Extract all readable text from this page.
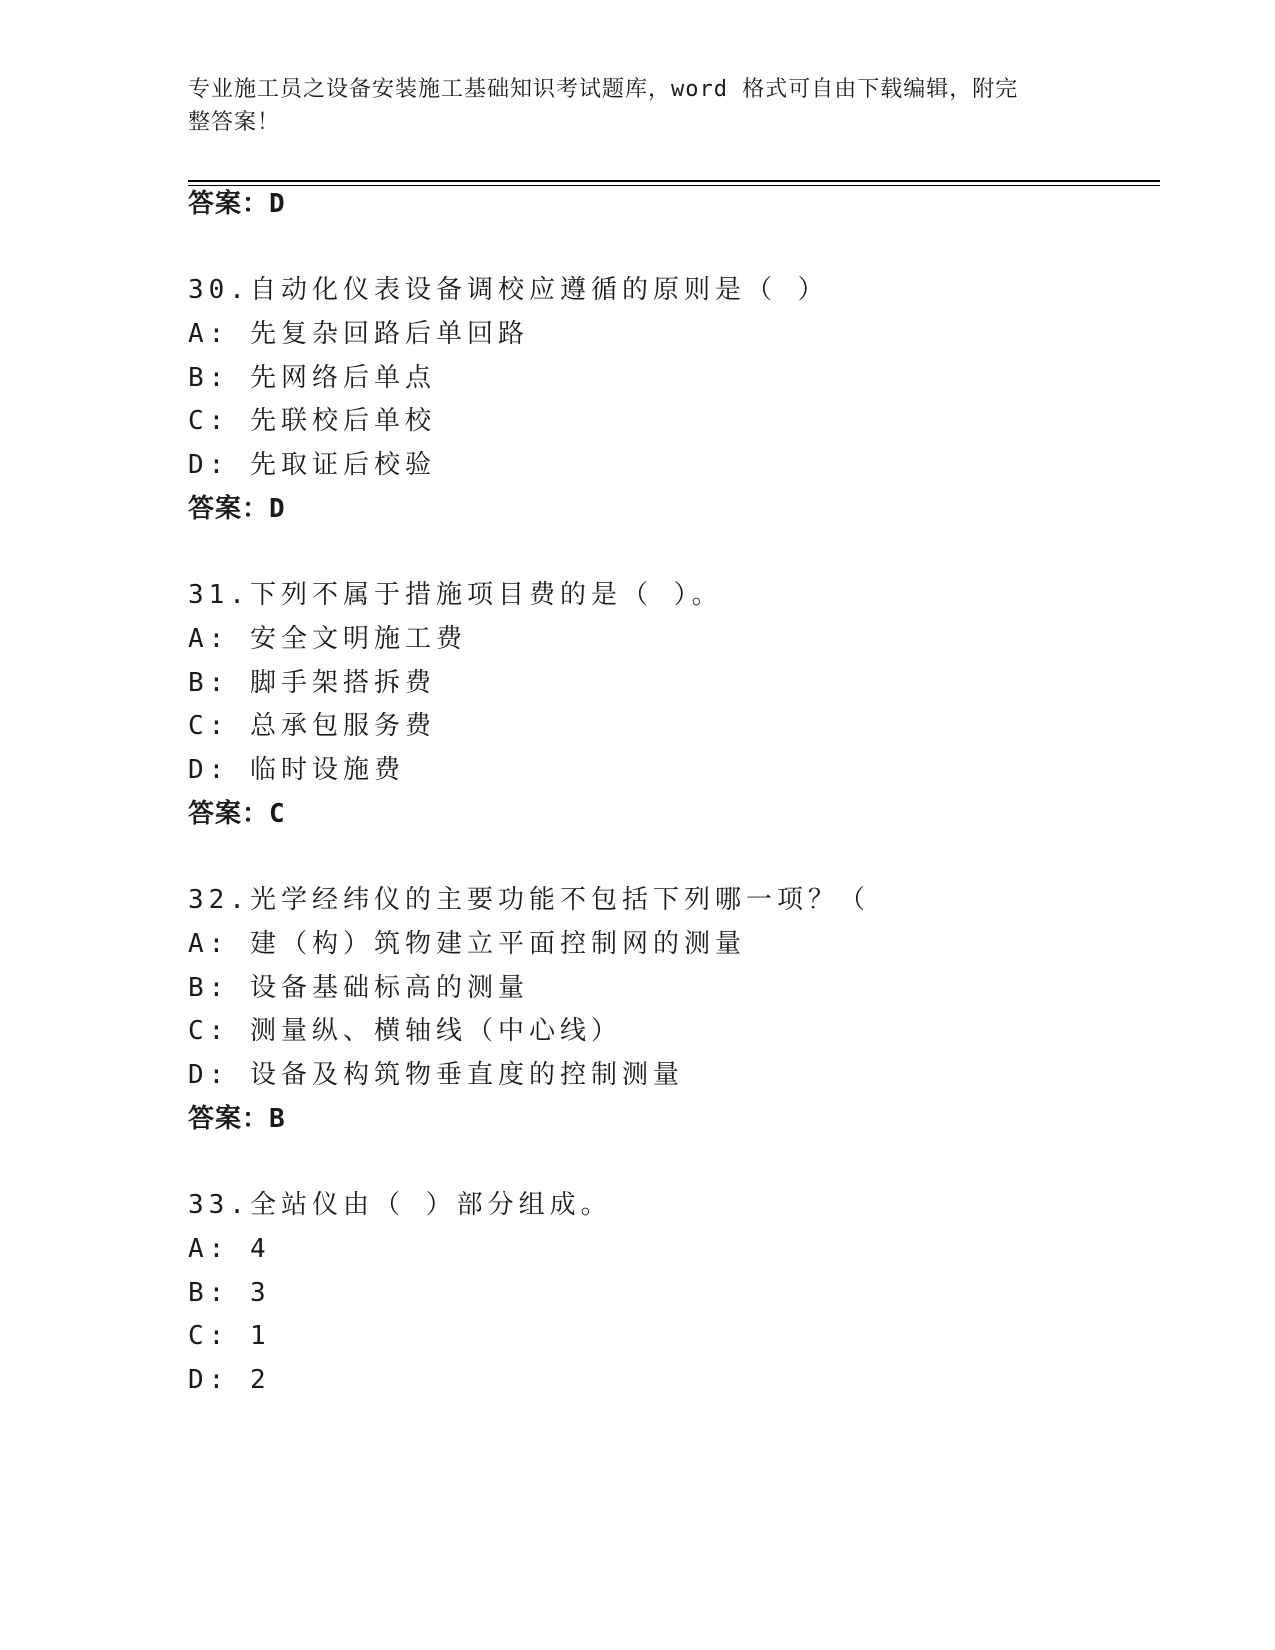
专业施工员之设备安装施工基础知识考试题库，word 格式可自由下载编辑，附完
整答案！
答案：D
30.自动化仪表设备调校应遵循的原则是（ ）
A: 先复杂回路后单回路
B: 先网络后单点
C: 先联校后单校
D: 先取证后校验
答案：D
31.下列不属于措施项目费的是（ ）。
A: 安全文明施工费
B: 脚手架搭拆费
C: 总承包服务费
D: 临时设施费
答案：C
32.光学经纬仪的主要功能不包括下列哪一项？（
A: 建（构）筑物建立平面控制网的测量
B: 设备基础标高的测量
C: 测量纵、横轴线（中心线）
D: 设备及构筑物垂直度的控制测量
答案：B
33.全站仪由（ ）部分组成。
A: 4
B: 3
C: 1
D: 2
